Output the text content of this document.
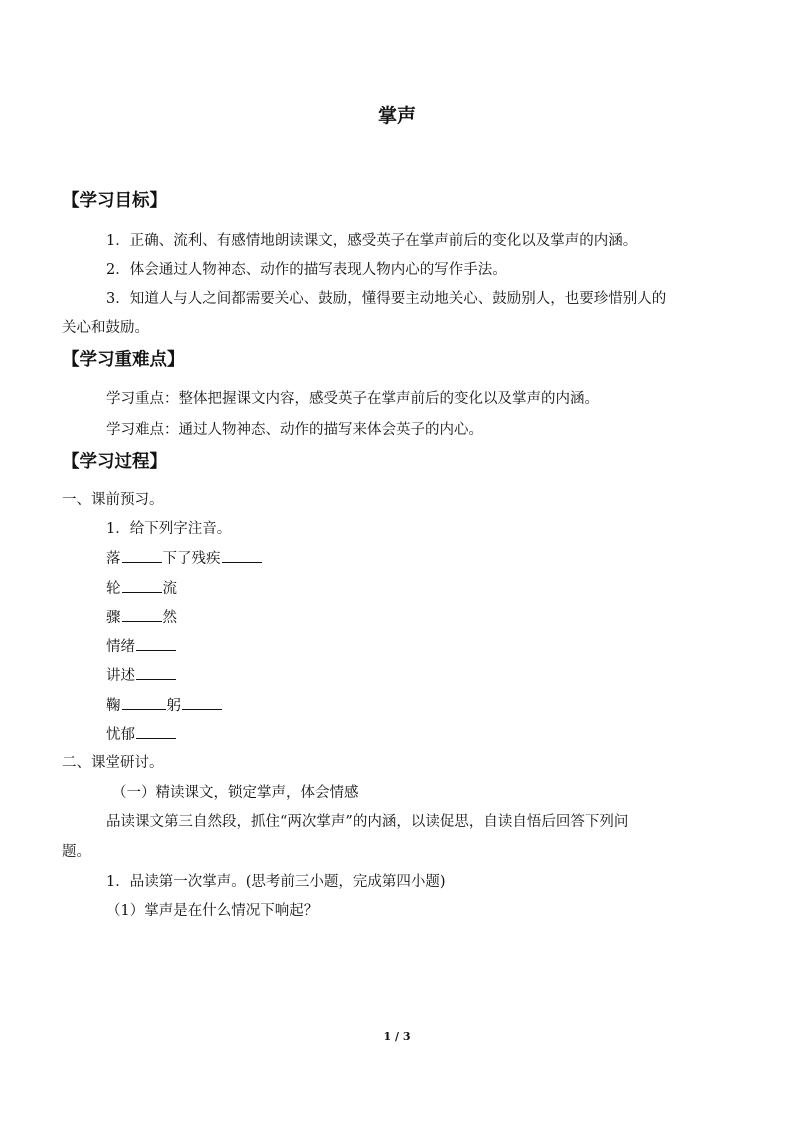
掌声
【学习目标】
1．正确、流利、有感情地朗读课文，感受英子在掌声前后的变化以及掌声的内涵。
2．体会通过人物神态、动作的描写表现人物内心的写作手法。
3．知道人与人之间都需要关心、鼓励，懂得要主动地关心、鼓励别人，也要珍惜别人的
关心和鼓励。
【学习重难点】
学习重点：整体把握课文内容，感受英子在掌声前后的变化以及掌声的内涵。
学习难点：通过人物神态、动作的描写来体会英子的内心。
【学习过程】
一、课前预习。
1．给下列字注音。
落	下了残疾
轮	流
骤	然
情绪
讲述
鞠	躬
忧郁
二、课堂研讨。
（一）精读课文，锁定掌声，体会情感
品读课文第三自然段，抓住“两次掌声”的内涵，以读促思，自读自悟后回答下列问
题。
1．品读第一次掌声。(思考前三小题，完成第四小题)
（1）掌声是在什么情况下响起？
1 / 3
